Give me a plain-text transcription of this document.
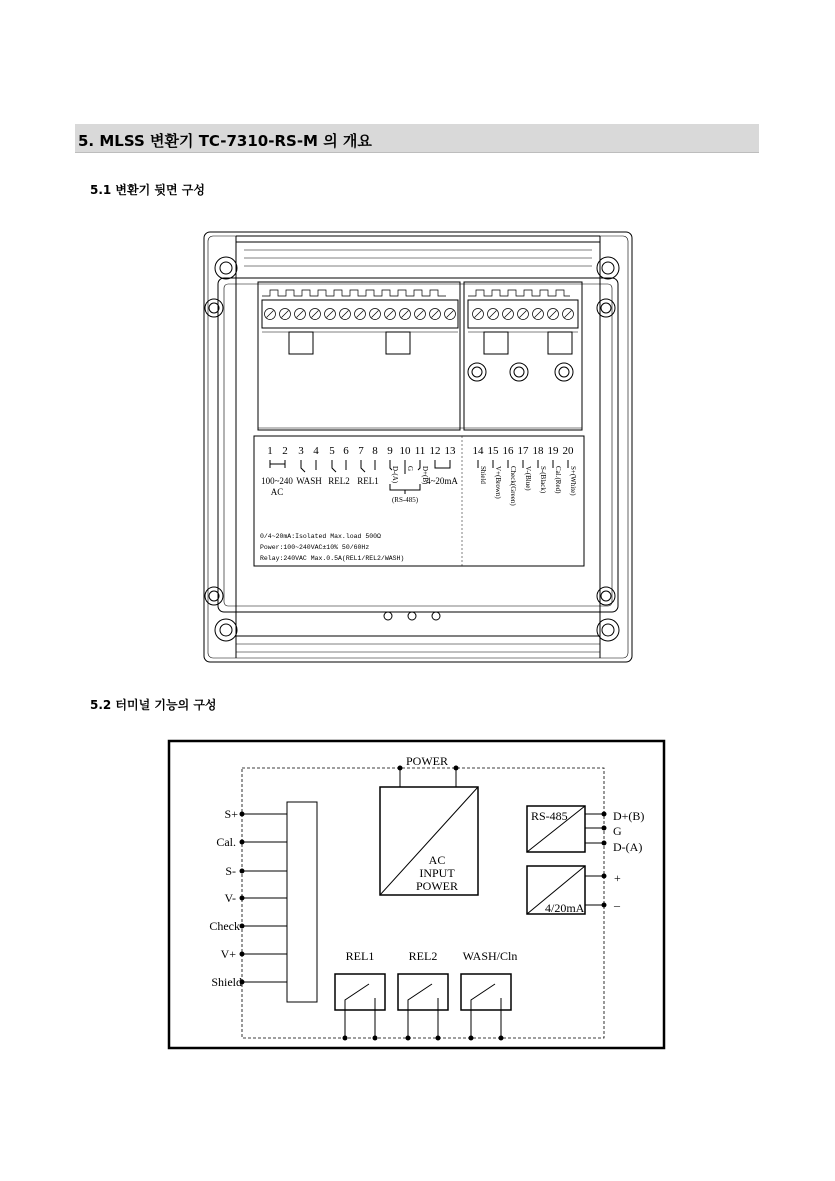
5. MLSS 변환기 TC-7310-RS-M 의 개요
5.1 변환기 뒷면 구성
5.2 터미널 기능의 구성
1 2 3 4 5 6 7 8 9 10 11 12 13 14 15 16 17 18 19 20
100~240 AC
WASH REL2 REL1	4~20mA
(RS-485)
D-(A) G D+(B)	Shield V+(Brown) Check(Green) V-(Blue) S-(Black) Cal.(Red) S+(White)
0/4~20mA:Isolated Max.load 500Ω
Power:100~240VAC±10% 50/60Hz
Relay:240VAC Max.0.5A(REL1/REL2/WASH)
POWER
AC
INPUT
POWER
S+
Cal.
S-
V-
Check
V+
Shield
RS-485	D+(B)
G
D-(A)
4/20mA
+
–
REL1	REL2 WASH/Cln
